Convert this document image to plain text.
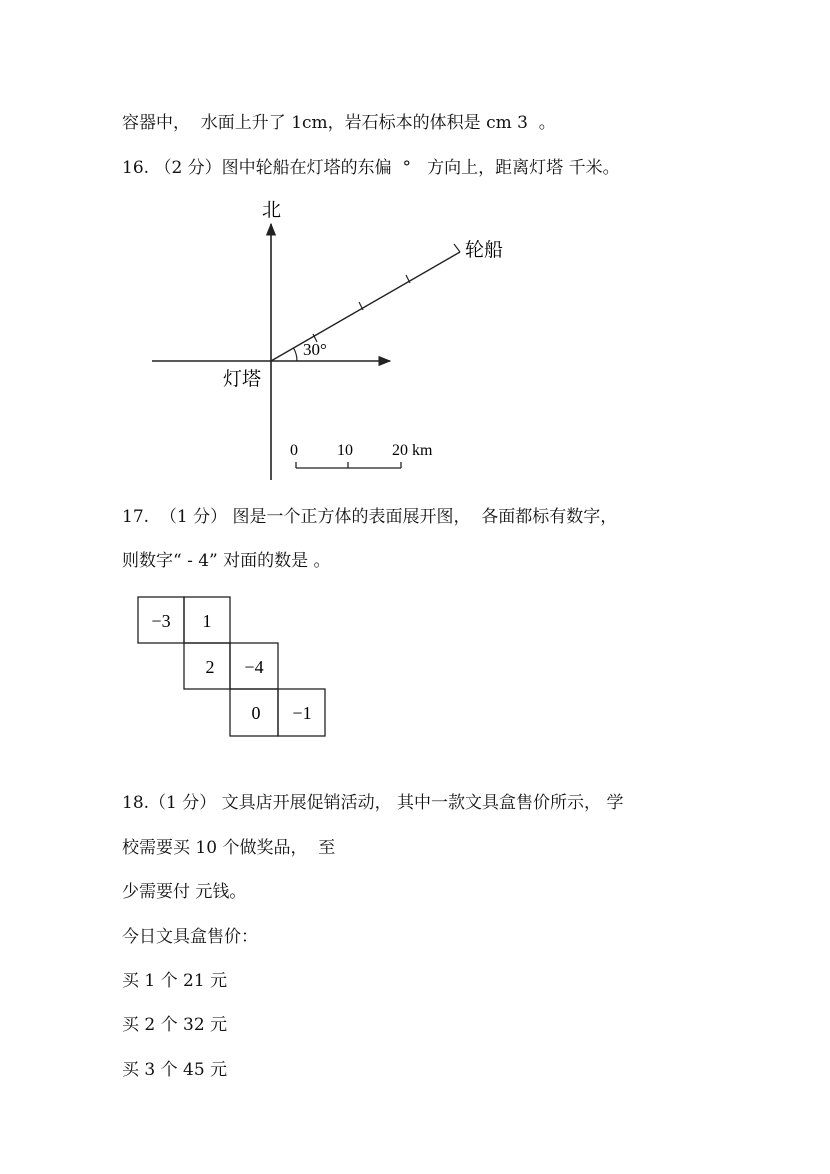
容器中，  水面上升了 1cm，岩石标本的体积是 cm 3  。
16. （2 分）图中轮船在灯塔的东偏  °   方向上，距离灯塔 千米。
北
轮船
灯塔
30°
0 10 20 km
−3 1
2 −4
0 −1
17.  （1 分） 图是一个正方体的表面展开图，  各面都标有数字，
则数字“ - 4” 对面的数是 。
18.（1 分） 文具店开展促销活动， 其中一款文具盒售价所示， 学
校需要买 10 个做奖品，  至
少需要付 元钱。
今日文具盒售价：
买 1 个 21 元
买 2 个 32 元
买 3 个 45 元
